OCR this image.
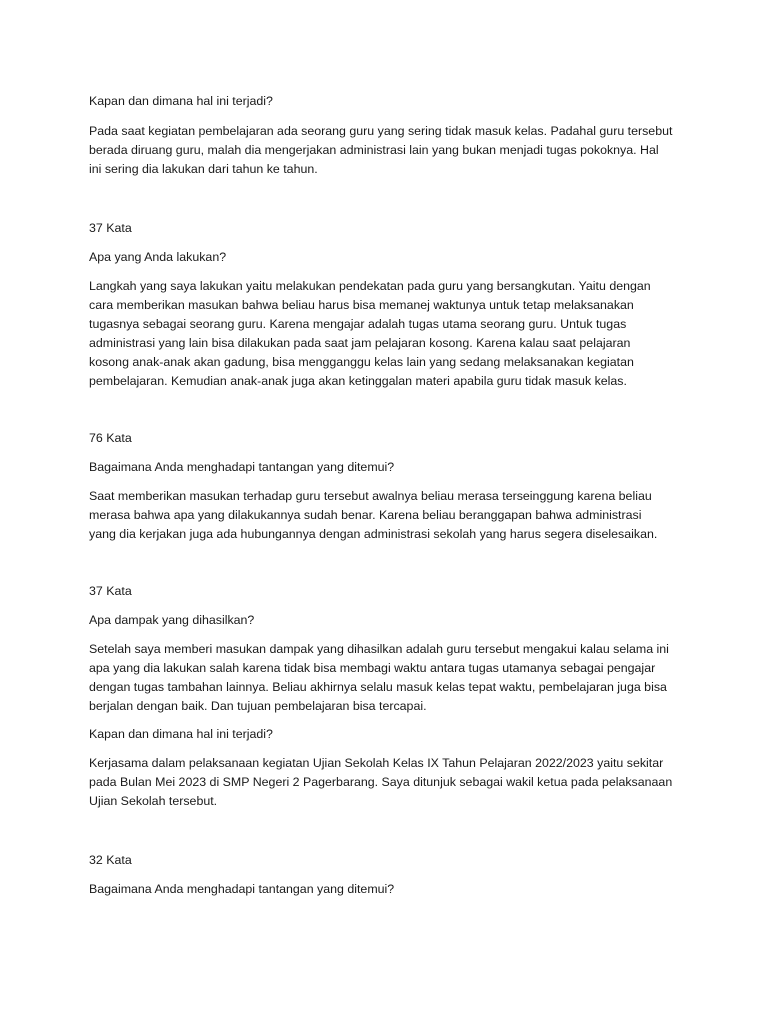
Kapan dan dimana hal ini terjadi?

Pada saat kegiatan pembelajaran ada seorang guru yang sering tidak masuk kelas. Padahal guru tersebut
berada diruang guru, malah dia mengerjakan administrasi lain yang bukan menjadi tugas pokoknya. Hal
ini sering dia lakukan dari tahun ke tahun.

37 Kata

Apa yang Anda lakukan?

Langkah yang saya lakukan yaitu melakukan pendekatan pada guru yang bersangkutan. Yaitu dengan
cara memberikan masukan bahwa beliau harus bisa memanej waktunya untuk tetap melaksanakan
tugasnya sebagai seorang guru. Karena mengajar adalah tugas utama seorang guru. Untuk tugas
administrasi yang lain bisa dilakukan pada saat jam pelajaran kosong. Karena kalau saat pelajaran
kosong anak-anak akan gadung, bisa mengganggu kelas lain yang sedang melaksanakan kegiatan
pembelajaran. Kemudian anak-anak juga akan ketinggalan materi apabila guru tidak masuk kelas.

76 Kata

Bagaimana Anda menghadapi tantangan yang ditemui?

Saat memberikan masukan terhadap guru tersebut awalnya beliau merasa terseinggung karena beliau
merasa bahwa apa yang dilakukannya sudah benar. Karena beliau beranggapan bahwa administrasi
yang dia kerjakan juga ada hubungannya dengan administrasi sekolah yang harus segera diselesaikan.

37 Kata

Apa dampak yang dihasilkan?

Setelah saya memberi masukan dampak yang dihasilkan adalah guru tersebut mengakui kalau selama ini
apa yang dia lakukan salah karena tidak bisa membagi waktu antara tugas utamanya sebagai pengajar
dengan tugas tambahan lainnya. Beliau akhirnya selalu masuk kelas tepat waktu, pembelajaran juga bisa
berjalan dengan baik. Dan tujuan pembelajaran bisa tercapai.

Kapan dan dimana hal ini terjadi?

Kerjasama dalam pelaksanaan kegiatan Ujian Sekolah Kelas IX Tahun Pelajaran 2022/2023 yaitu sekitar
pada Bulan Mei 2023 di SMP Negeri 2 Pagerbarang. Saya ditunjuk sebagai wakil ketua pada pelaksanaan
Ujian Sekolah tersebut.

32 Kata

Bagaimana Anda menghadapi tantangan yang ditemui?
